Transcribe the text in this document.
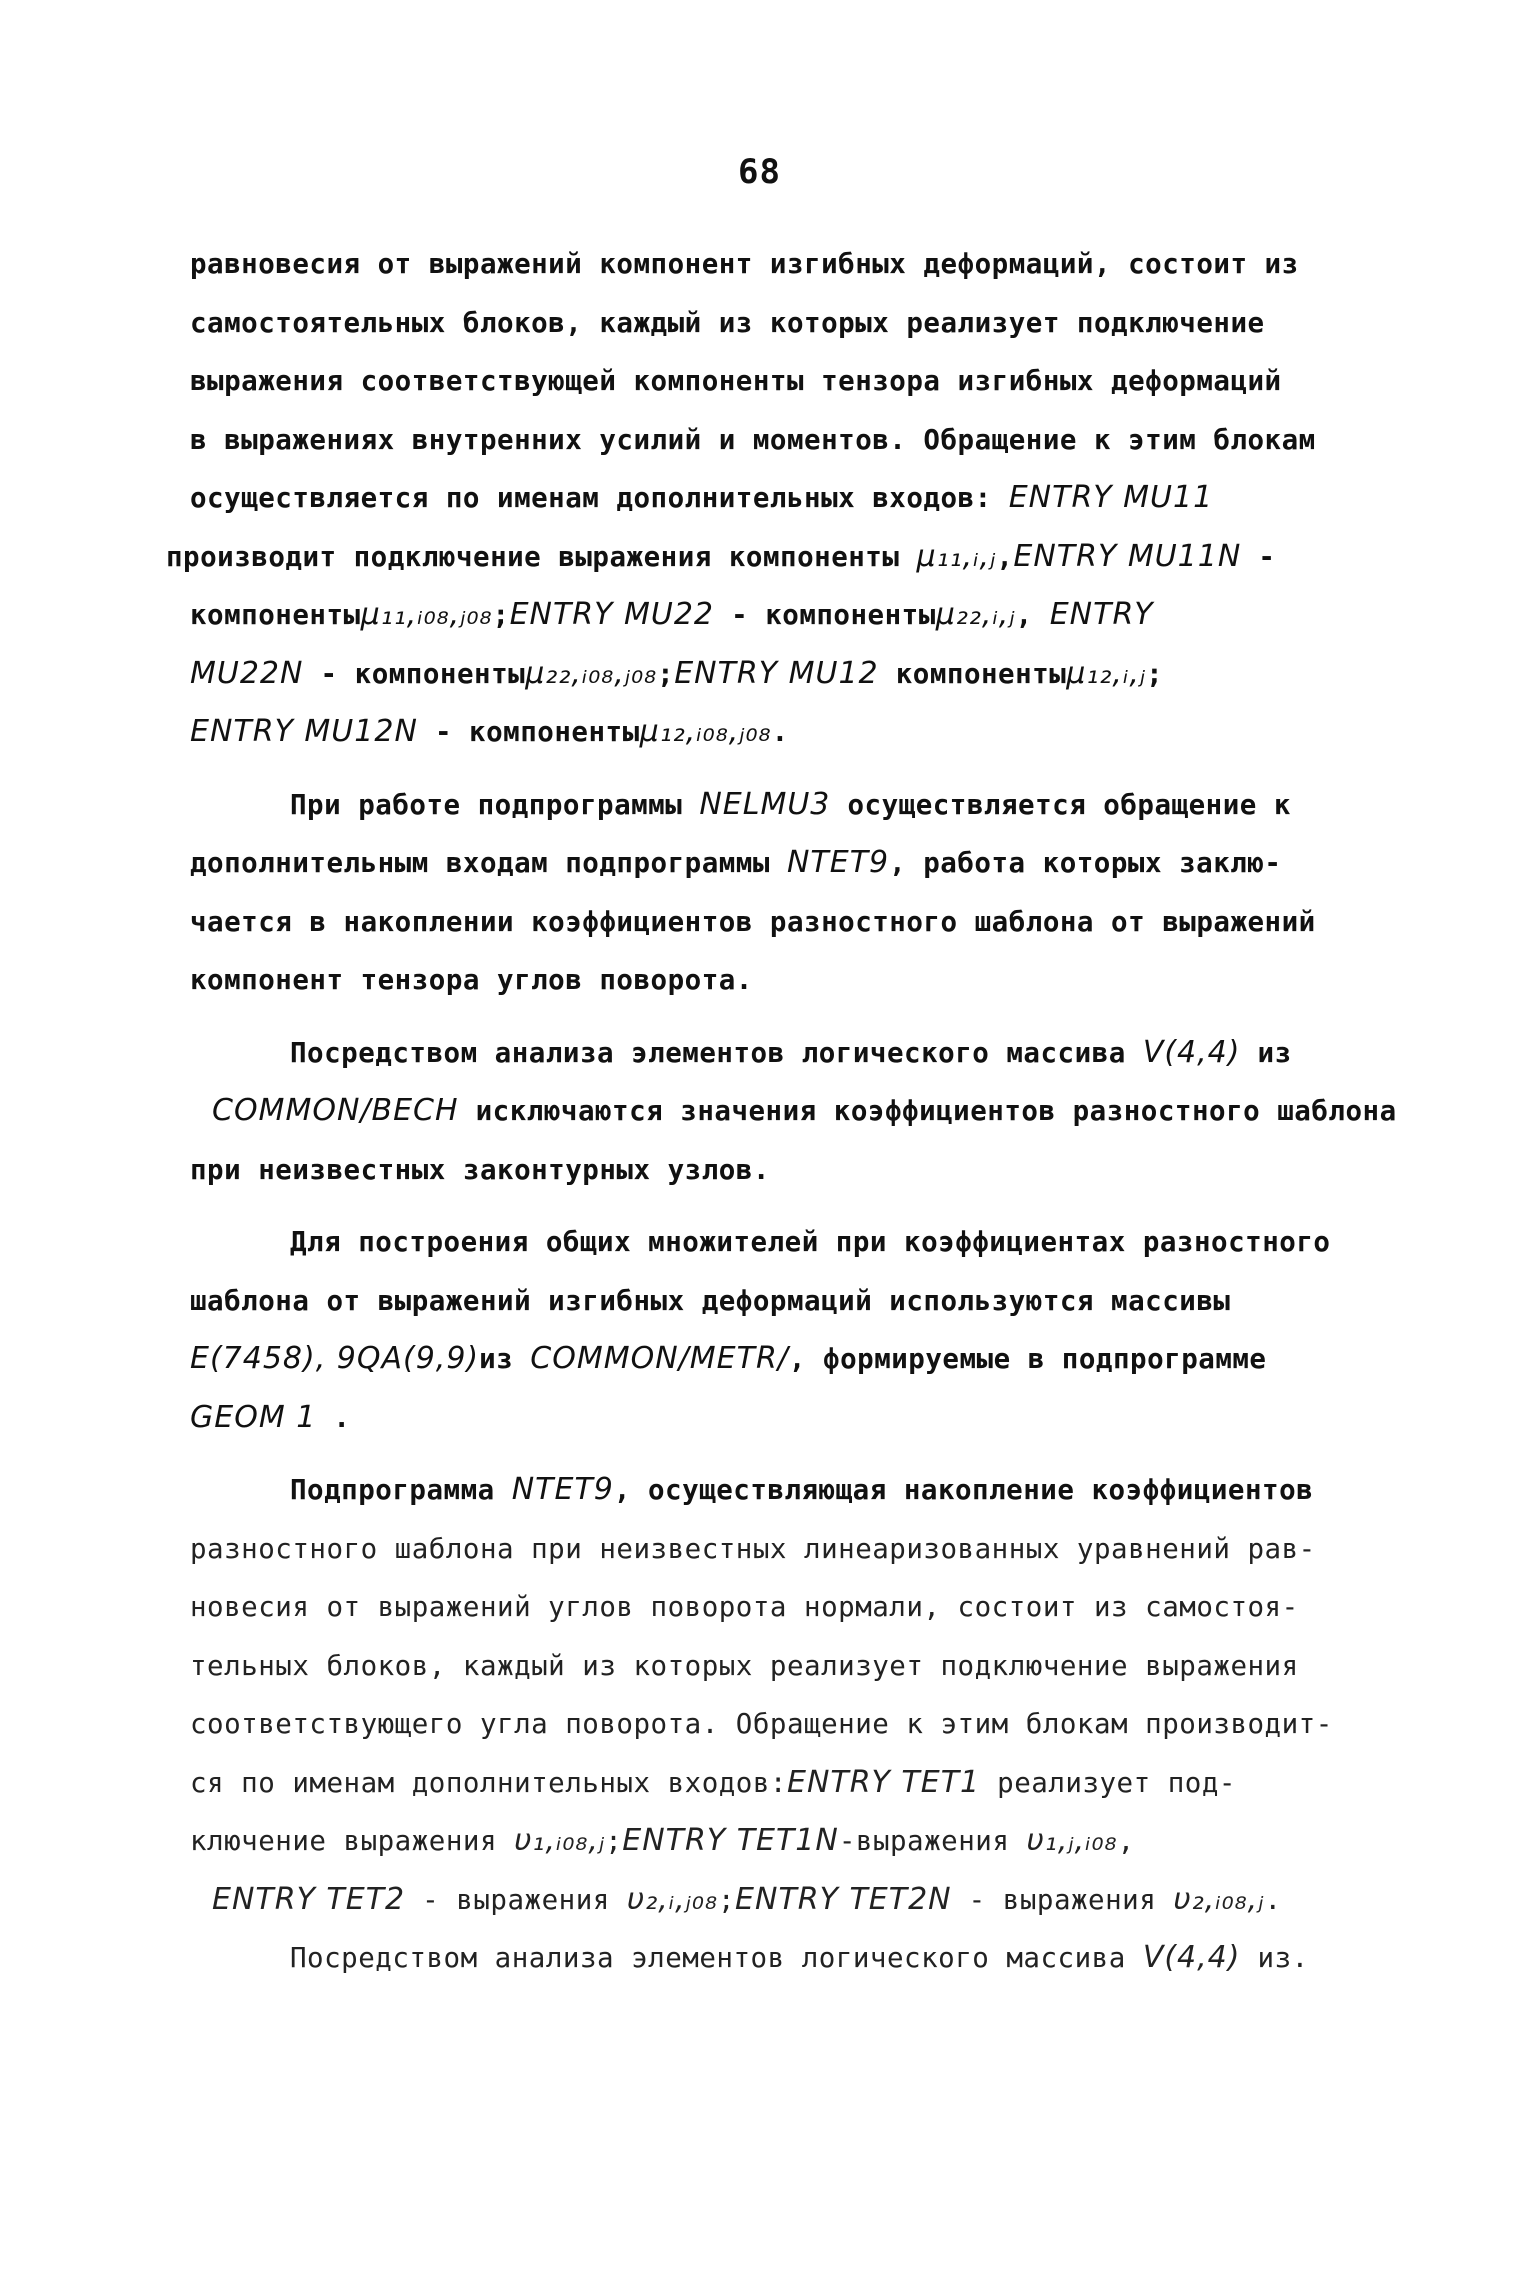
68
равновесия от выражений компонент изгибных деформаций, состоит из
самостоятельных блоков, каждый из которых реализует подключение
выражения соответствующей компоненты тензора изгибных деформаций
в выражениях внутренних усилий и моментов. Обращение к этим блокам
осуществляется по именам дополнительных входов: ENTRY MU11
производит подключение выражения компоненты μ₁₁,ᵢ,ⱼ,ENTRY MU11N -
компонентыμ₁₁,ᵢ₀₈,ⱼ₀₈;ENTRY MU22 - компонентыμ₂₂,ᵢ,ⱼ, ENTRY
MU22N - компонентыμ₂₂,ᵢ₀₈,ⱼ₀₈;ENTRY MU12 компонентыμ₁₂,ᵢ,ⱼ;
ENTRY MU12N - компонентыμ₁₂,ᵢ₀₈,ⱼ₀₈.
При работе подпрограммы NELMU3 осуществляется обращение к
дополнительным входам подпрограммы NTET9, работа которых заклю-
чается в накоплении коэффициентов разностного шаблона от выражений
компонент тензора углов поворота.
Посредством анализа элементов логического массива V(4,4) из
COMMON/BECH исключаются значения коэффициентов разностного шаблона
при неизвестных законтурных узлов.
Для построения общих множителей при коэффициентах разностного
шаблона от выражений изгибных деформаций используются массивы
E(7458), 9QA(9,9)из COMMON/METR/, формируемые в подпрограмме
GEOM 1 .
Подпрограмма NTET9, осуществляющая накопление коэффициентов
разностного шаблона при неизвестных линеаризованных уравнений рав-
новесия от выражений углов поворота нормали, состоит из самостоя-
тельных блоков, каждый из которых реализует подключение выражения
соответствующего угла поворота. Обращение к этим блокам производит-
ся по именам дополнительных входов:ENTRY TET1 реализует под-
ключение выражения υ₁,ᵢ₀₈,ⱼ;ENTRY TET1N-выражения υ₁,ⱼ,ᵢ₀₈,
ENTRY TET2 - выражения υ₂,ᵢ,ⱼ₀₈;ENTRY TET2N - выражения υ₂,ᵢ₀₈,ⱼ.
Посредством анализа элементов логического массива V(4,4) из.
